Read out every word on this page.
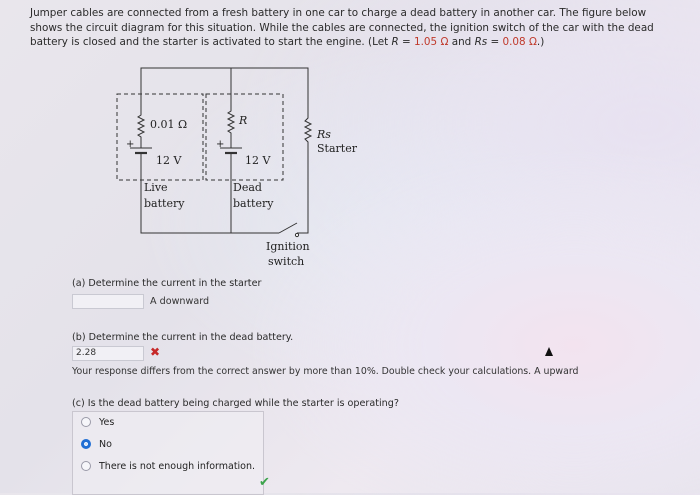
Jumper cables are connected from a fresh battery in one car to charge a dead battery in another car. The figure below
shows the circuit diagram for this situation. While the cables are connected, the ignition switch of the car with the dead
battery is closed and the starter is activated to start the engine. (Let R = 1.05 Ω and Rs = 0.08 Ω.)
0.01 Ω	R
+	+
12 V	12 V
Live
battery
Dead
battery
Rs
Starter
Ignition
switch
(a) Determine the current in the starter
A downward
(b) Determine the current in the dead battery.
2.28	✖
Your response differs from the correct answer by more than 10%. Double check your calculations. A upward
(c) Is the dead battery being charged while the starter is operating?
Yes
No
There is not enough information.
✔
